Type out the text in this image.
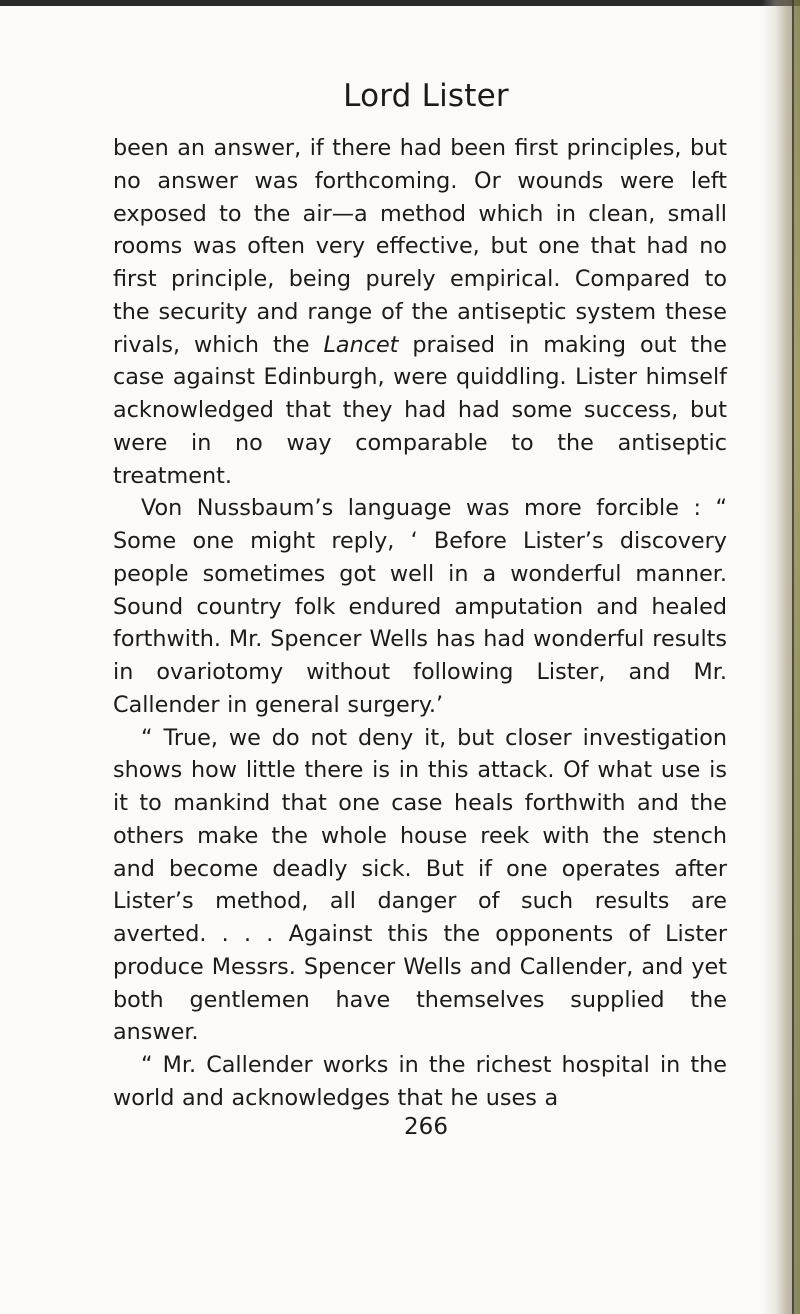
Lord Lister

been an answer, if there had been first principles, but no answer was forthcoming. Or wounds were left exposed to the air—a method which in clean, small rooms was often very effective, but one that had no first principle, being purely empirical. Compared to the security and range of the antiseptic system these rivals, which the Lancet praised in making out the case against Edinburgh, were quiddling. Lister himself acknowledged that they had had some success, but were in no way comparable to the antiseptic treatment.

Von Nussbaum’s language was more forcible : “ Some one might reply, ‘ Before Lister’s discovery people sometimes got well in a wonderful manner. Sound country folk endured amputation and healed forthwith. Mr. Spencer Wells has had wonderful results in ovariotomy without following Lister, and Mr. Callender in general surgery.’

“ True, we do not deny it, but closer investigation shows how little there is in this attack. Of what use is it to mankind that one case heals forthwith and the others make the whole house reek with the stench and become deadly sick. But if one operates after Lister’s method, all danger of such results are averted. . . . Against this the opponents of Lister produce Messrs. Spencer Wells and Callender, and yet both gentlemen have themselves supplied the answer.

“ Mr. Callender works in the richest hospital in the world and acknowledges that he uses a

266
